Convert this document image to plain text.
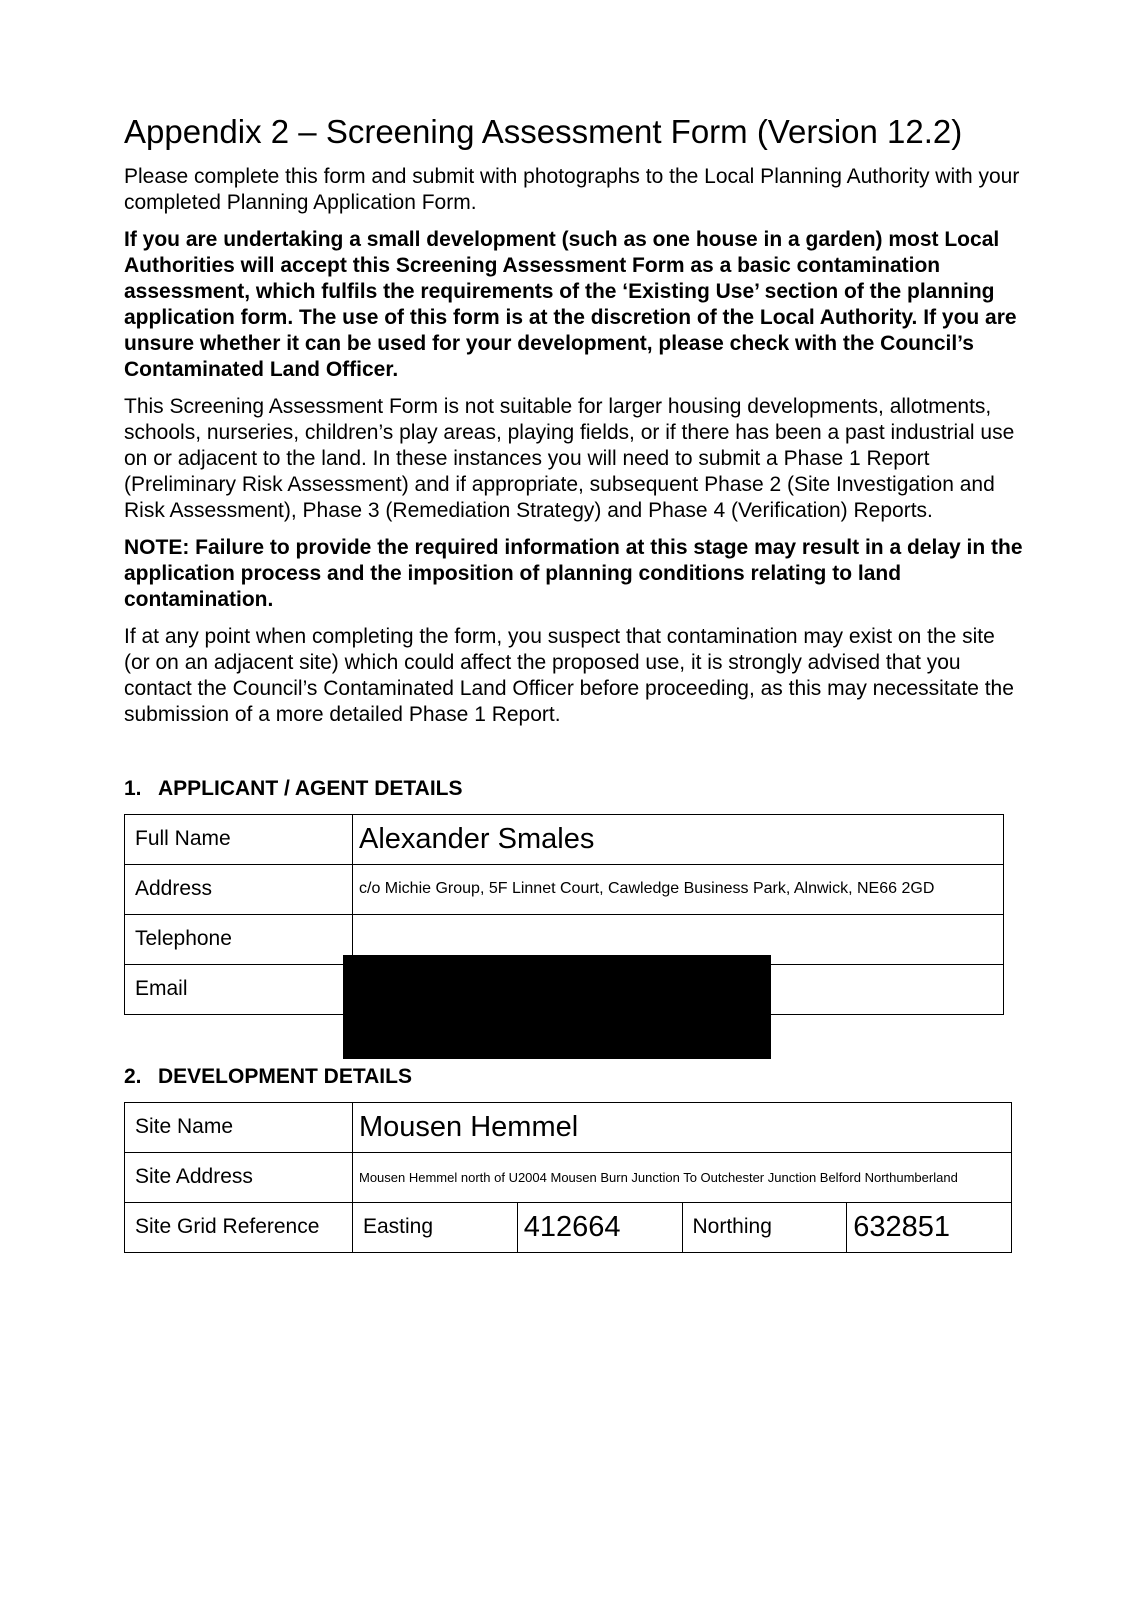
Appendix 2 – Screening Assessment Form (Version 12.2)

Please complete this form and submit with photographs to the Local Planning Authority with your completed Planning Application Form.

If you are undertaking a small development (such as one house in a garden) most Local Authorities will accept this Screening Assessment Form as a basic contamination assessment, which fulfils the requirements of the ‘Existing Use’ section of the planning application form. The use of this form is at the discretion of the Local Authority. If you are unsure whether it can be used for your development, please check with the Council’s Contaminated Land Officer.

This Screening Assessment Form is not suitable for larger housing developments, allotments, schools, nurseries, children’s play areas, playing fields, or if there has been a past industrial use on or adjacent to the land. In these instances you will need to submit a Phase 1 Report (Preliminary Risk Assessment) and if appropriate, subsequent Phase 2 (Site Investigation and Risk Assessment), Phase 3 (Remediation Strategy) and Phase 4 (Verification) Reports.

NOTE: Failure to provide the required information at this stage may result in a delay in the application process and the imposition of planning conditions relating to land contamination.

If at any point when completing the form, you suspect that contamination may exist on the site (or on an adjacent site) which could affect the proposed use, it is strongly advised that you contact the Council’s Contaminated Land Officer before proceeding, as this may necessitate the submission of a more detailed Phase 1 Report.

1. APPLICANT / AGENT DETAILS
Full Name	Alexander Smales
Address	c/o Michie Group, 5F Linnet Court, Cawledge Business Park, Alnwick, NE66 2GD
Telephone	
Email	
2. DEVELOPMENT DETAILS
Site Name	Mousen Hemmel			
Site Address	Mousen Hemmel north of U2004 Mousen Burn Junction To Outchester Junction Belford Northumberland			
Site Grid Reference	Easting	412664	Northing	632851
